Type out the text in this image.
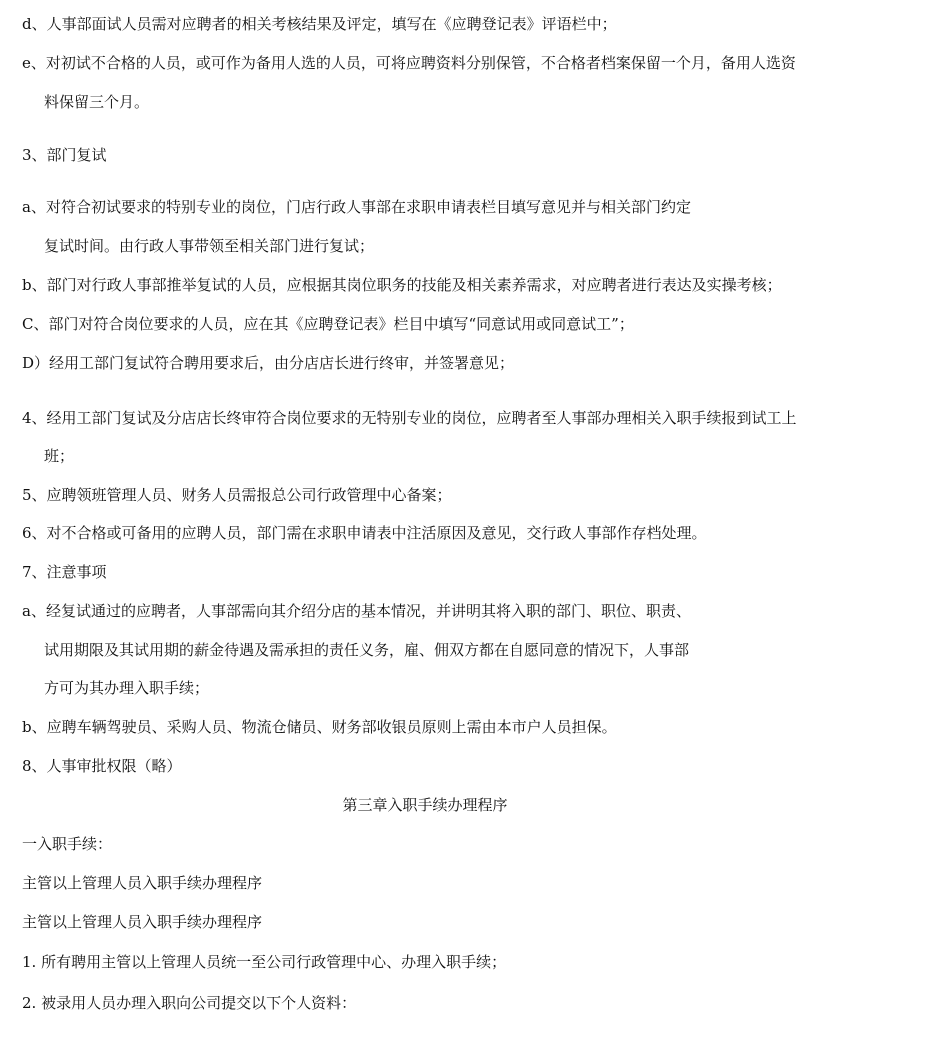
d、人事部面试人员需对应聘者的相关考核结果及评定，填写在《应聘登记表》评语栏中；

e、对初试不合格的人员，或可作为备用人选的人员，可将应聘资料分别保管，不合格者档案保留一个月，备用人选资

料保留三个月。

3、部门复试

a、对符合初试要求的特别专业的岗位，门店行政人事部在求职申请表栏目填写意见并与相关部门约定

复试时间。由行政人事带领至相关部门进行复试；

b、部门对行政人事部推举复试的人员，应根据其岗位职务的技能及相关素养需求，对应聘者进行表达及实操考核；

C、部门对符合岗位要求的人员，应在其《应聘登记表》栏目中填写“同意试用或同意试工”；

D）经用工部门复试符合聘用要求后，由分店店长进行终审，并签署意见；

4、经用工部门复试及分店店长终审符合岗位要求的无特别专业的岗位，应聘者至人事部办理相关入职手续报到试工上

班；

5、应聘领班管理人员、财务人员需报总公司行政管理中心备案；

6、对不合格或可备用的应聘人员，部门需在求职申请表中注活原因及意见，交行政人事部作存档处理。

7、注意事项

a、经复试通过的应聘者，人事部需向其介绍分店的基本情况，并讲明其将入职的部门、职位、职责、

试用期限及其试用期的薪金待遇及需承担的责任义务，雇、佣双方都在自愿同意的情况下，人事部

方可为其办理入职手续；

b、应聘车辆驾驶员、采购人员、物流仓储员、财务部收银员原则上需由本市户人员担保。

8、人事审批权限（略）

第三章入职手续办理程序

一入职手续：

主管以上管理人员入职手续办理程序

主管以上管理人员入职手续办理程序

1. 所有聘用主管以上管理人员统一至公司行政管理中心、办理入职手续；

2. 被录用人员办理入职向公司提交以下个人资料：
